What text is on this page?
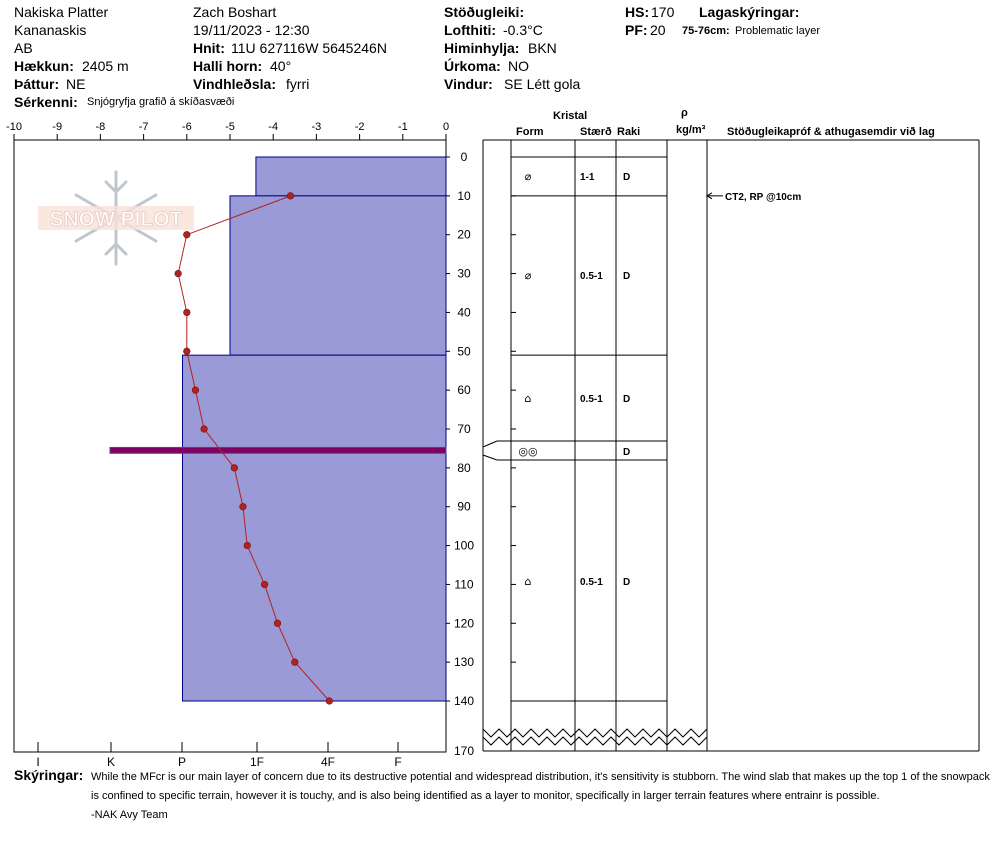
Nakiska Platter
Kananaskis
AB
Hækkun: 2405 m
Þáttur: NE
Sérkenni: Snjógryfja grafið á skíðasvæði
Zach Boshart
19/11/2023 - 12:30
Hnit: 11U 627116W 5645246N
Halli horn: 40°
Vindhleðsla: fyrri
Stöðugleiki:
Lofthiti: -0.3°C
Himinhylja: BKN
Úrkoma: NO
Vindur: SE Létt gola
HS: 170
PF: 20
Lagaskýringar:
75-76cm: Problematic layer
Kristal
Form	Stærð Raki
ρ
kg/m³ Stöðugleikapróf & athugasemdir við lag
SNOW PILOT
-10	-9	-8	-7	-6	-5	-4	-3	-2	-1	0
0
10
20
30
40
50
60
70
80
90
100
110
120
130
140
170
I	K	P	1F	4F	F
⌀	1-1	D
⌀	0.5-1 D
⌂	0.5-1 D
◎◎	D
⌂	0.5-1 D
CT2, RP @10cm
Skýringar: While the MFcr is our main layer of concern due to its destructive potential and widespread distribution, it's sensitivity is stubborn. The wind slab that makes up the top 1 of the snowpack is confined to specific terrain, however it is touchy, and is also being identified as a layer to monitor, specifically in larger terrain features where entrainr is possible.
-NAK Avy Team
